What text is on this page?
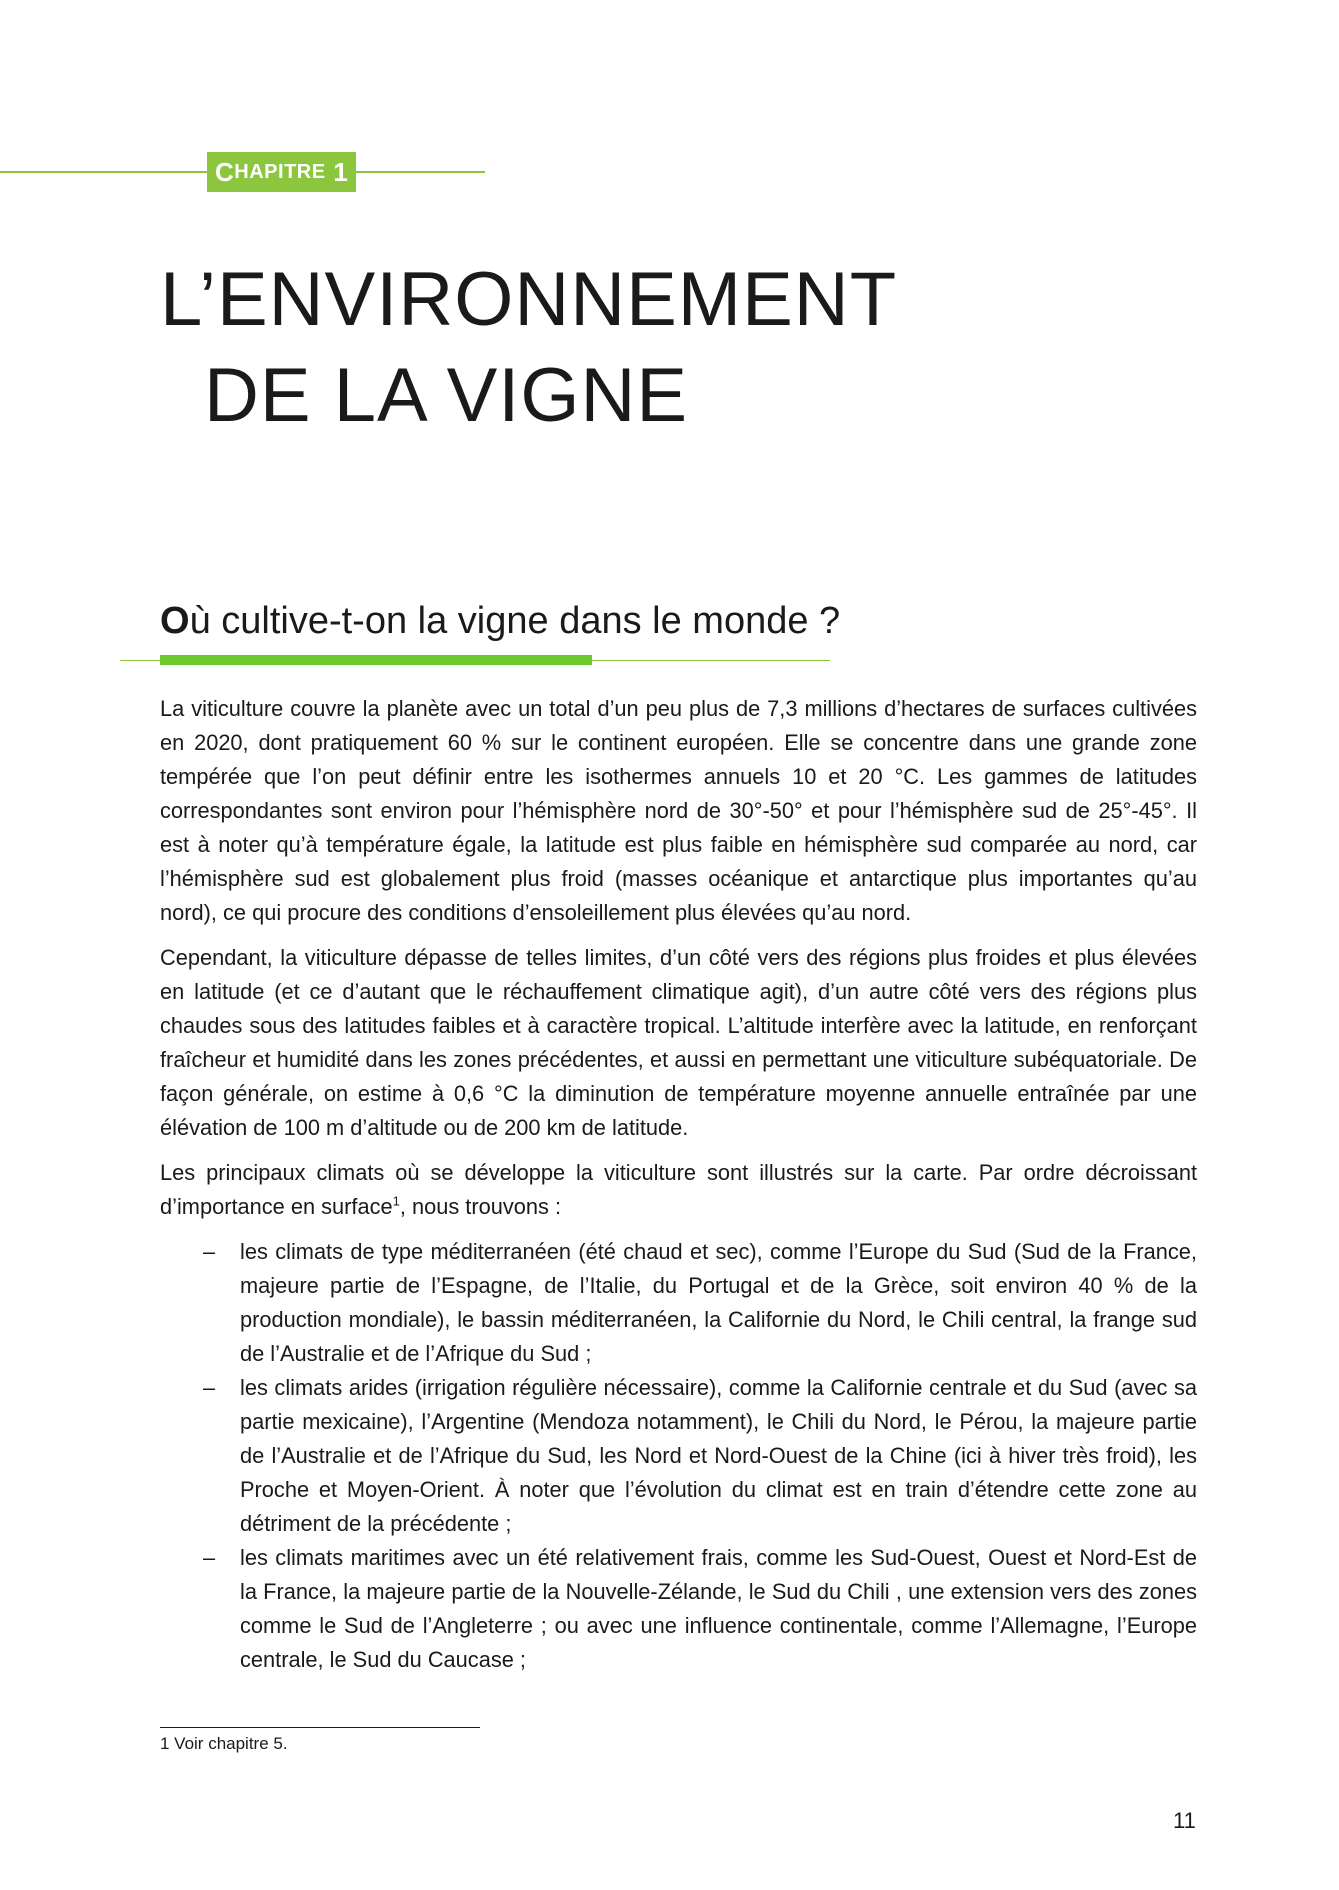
C HAPITRE
1
L’ENVIRONNEMENT
DE LA VIGNE
Où cultive-t-on la vigne dans le monde ?

La viticulture couvre la planète avec un total d’un peu plus de 7,3 millions d’hectares de surfaces cultivées en 2020, dont pratiquement 60 % sur le continent européen. Elle se concentre dans une grande zone tempérée que l’on peut définir entre les isothermes annuels 10 et 20 °C. Les gammes de latitudes correspondantes sont environ pour l’hémisphère nord de 30°-50° et pour l’hémisphère sud de 25°-45°. Il est à noter qu’à température égale, la latitude est plus faible en hémisphère sud comparée au nord, car l’hémisphère sud est globalement plus froid (masses océanique et antarctique plus importantes qu’au nord), ce qui procure des conditions d’ensoleillement plus élevées qu’au nord.

Cependant, la viticulture dépasse de telles limites, d’un côté vers des régions plus froides et plus élevées en latitude (et ce d’autant que le réchauffement climatique agit), d’un autre côté vers des régions plus chaudes sous des latitudes faibles et à caractère tropical. L’altitude interfère avec la latitude, en renforçant fraîcheur et humidité dans les zones précédentes, et aussi en permettant une viticulture subéquatoriale. De façon générale, on estime à 0,6 °C la diminution de température moyenne annuelle entraînée par une élévation de 100 m d’altitude ou de 200 km de latitude.

Les principaux climats où se développe la viticulture sont illustrés sur la carte. Par ordre décroissant d’importance en surface$^1$, nous trouvons :

– les climats de type méditerranéen (été chaud et sec), comme l’Europe du Sud (Sud de la France, majeure partie de l’Espagne, de l’Italie, du Portugal et de la Grèce, soit environ 40 % de la production mondiale), le bassin méditerranéen, la Californie du Nord, le Chili central, la frange sud de l’Australie et de l’Afrique du Sud ;
– les climats arides (irrigation régulière nécessaire), comme la Californie centrale et du Sud (avec sa partie mexicaine), l’Argentine (Mendoza notamment), le Chili du Nord, le Pérou, la majeure partie de l’Australie et de l’Afrique du Sud, les Nord et Nord-Ouest de la Chine (ici à hiver très froid), les Proche et Moyen-Orient. À noter que l’évolution du climat est en train d’étendre cette zone au détriment de la précédente ;
– les climats maritimes avec un été relativement frais, comme les Sud-Ouest, Ouest et Nord-Est de la France, la majeure partie de la Nouvelle-Zélande, le Sud du Chili , une extension vers des zones comme le Sud de l’Angleterre ; ou avec une influence continentale, comme l’Allemagne, l’Europe centrale, le Sud du Caucase ;
1 Voir chapitre 5.
11
